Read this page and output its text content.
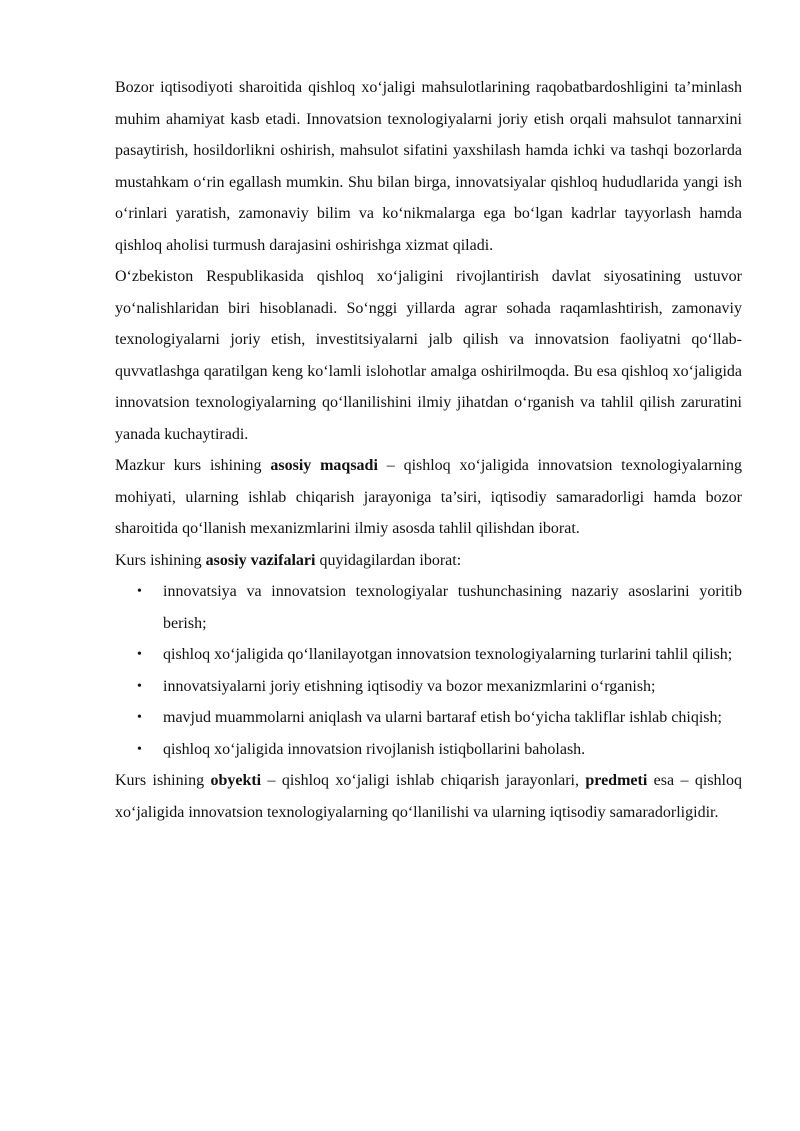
Bozor iqtisodiyoti sharoitida qishloq xo‘jaligi mahsulotlarining raqobatbardoshligini ta’minlash muhim ahamiyat kasb etadi. Innovatsion texnologiyalarni joriy etish orqali mahsulot tannarxini pasaytirish, hosildorlikni oshirish, mahsulot sifatini yaxshilash hamda ichki va tashqi bozorlarda mustahkam o‘rin egallash mumkin. Shu bilan birga, innovatsiyalar qishloq hududlarida yangi ish o‘rinlari yaratish, zamonaviy bilim va ko‘nikmalarga ega bo‘lgan kadrlar tayyorlash hamda qishloq aholisi turmush darajasini oshirishga xizmat qiladi.

O‘zbekiston Respublikasida qishloq xo‘jaligini rivojlantirish davlat siyosatining ustuvor yo‘nalishlaridan biri hisoblanadi. So‘nggi yillarda agrar sohada raqamlashtirish, zamonaviy texnologiyalarni joriy etish, investitsiyalarni jalb qilish va innovatsion faoliyatni qo‘llab-quvvatlashga qaratilgan keng ko‘lamli islohotlar amalga oshirilmoqda. Bu esa qishloq xo‘jaligida innovatsion texnologiyalarning qo‘llanilishini ilmiy jihatdan o‘rganish va tahlil qilish zaruratini yanada kuchaytiradi.

Mazkur kurs ishining asosiy maqsadi – qishloq xo‘jaligida innovatsion texnologiyalarning mohiyati, ularning ishlab chiqarish jarayoniga ta’siri, iqtisodiy samaradorligi hamda bozor sharoitida qo‘llanish mexanizmlarini ilmiy asosda tahlil qilishdan iborat.

Kurs ishining asosiy vazifalari quyidagilardan iborat:

• innovatsiya va innovatsion texnologiyalar tushunchasining nazariy asoslarini yoritib berish;
• qishloq xo‘jaligida qo‘llanilayotgan innovatsion texnologiyalarning turlarini tahlil qilish;
• innovatsiyalarni joriy etishning iqtisodiy va bozor mexanizmlarini o‘rganish;
• mavjud muammolarni aniqlash va ularni bartaraf etish bo‘yicha takliflar ishlab chiqish;
• qishloq xo‘jaligida innovatsion rivojlanish istiqbollarini baholash.

Kurs ishining obyekti – qishloq xo‘jaligi ishlab chiqarish jarayonlari, predmeti esa – qishloq xo‘jaligida innovatsion texnologiyalarning qo‘llanilishi va ularning iqtisodiy samaradorligidir.
